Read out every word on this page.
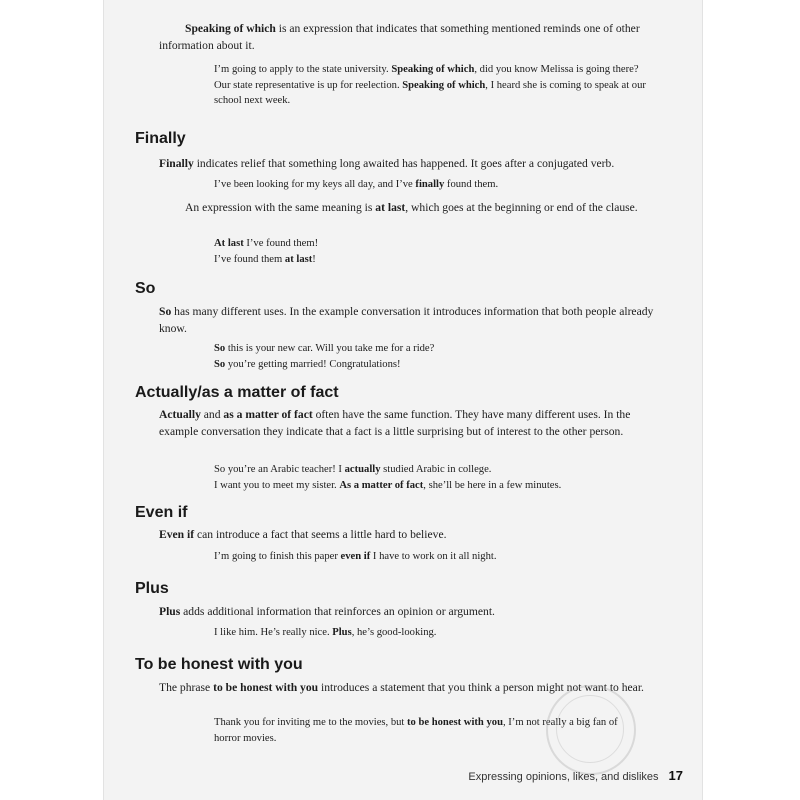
Speaking of which is an expression that indicates that something mentioned reminds one of other information about it.
I’m going to apply to the state university. Speaking of which, did you know Melissa is going there?
Our state representative is up for reelection. Speaking of which, I heard she is coming to speak at our school next week.
Finally
Finally indicates relief that something long awaited has happened. It goes after a conjugated verb.
I’ve been looking for my keys all day, and I’ve finally found them.
An expression with the same meaning is at last, which goes at the beginning or end of the clause.
At last I’ve found them!
I’ve found them at last!
So
So has many different uses. In the example conversation it introduces information that both people already know.
So this is your new car. Will you take me for a ride?
So you’re getting married! Congratulations!
Actually/as a matter of fact
Actually and as a matter of fact often have the same function. They have many different uses. In the example conversation they indicate that a fact is a little surprising but of interest to the other person.
So you’re an Arabic teacher! I actually studied Arabic in college.
I want you to meet my sister. As a matter of fact, she’ll be here in a few minutes.
Even if
Even if can introduce a fact that seems a little hard to believe.
I’m going to finish this paper even if I have to work on it all night.
Plus
Plus adds additional information that reinforces an opinion or argument.
I like him. He’s really nice. Plus, he’s good-looking.
To be honest with you
The phrase to be honest with you introduces a statement that you think a person might not want to hear.
Thank you for inviting me to the movies, but to be honest with you, I’m not really a big fan of horror movies.
Expressing opinions, likes, and dislikes 17
